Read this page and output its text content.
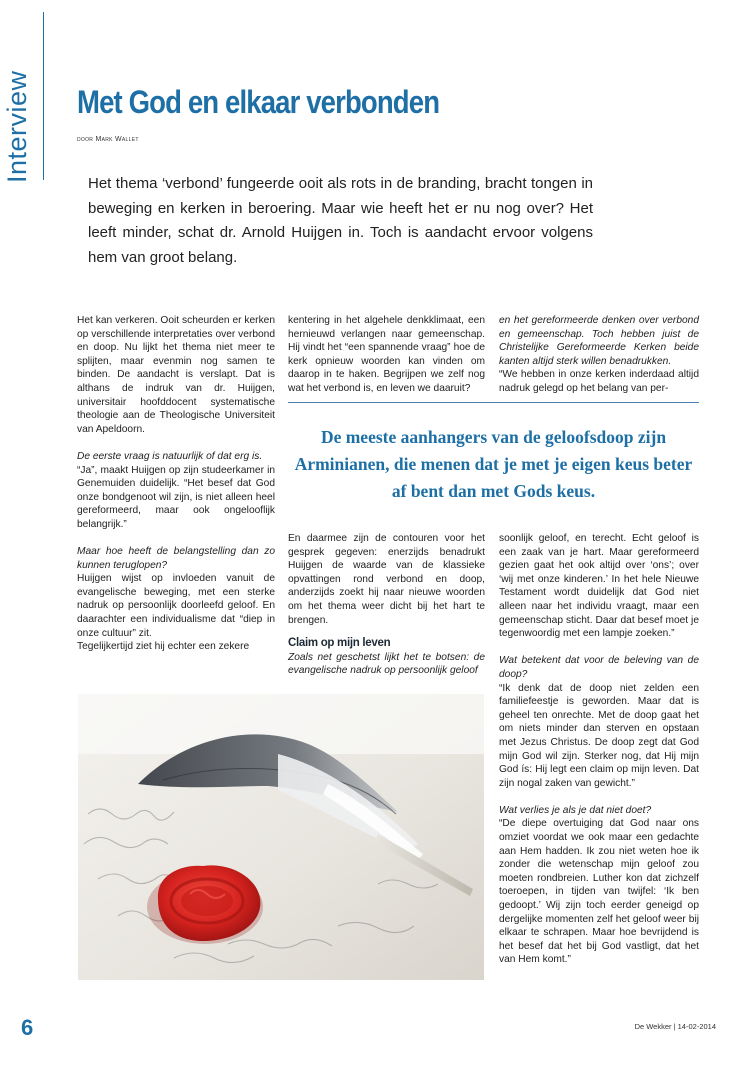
Interview Met God en elkaar verbonden
door Mark Wallet

Het thema ‘verbond’ fungeerde ooit als rots in de branding, bracht tongen in beweging en kerken in beroering. Maar wie heeft het er nu nog over? Het leeft minder, schat dr. Arnold Huijgen in. Toch is aandacht ervoor volgens hem van groot belang.

Het kan verkeren. Ooit scheurden er kerken op verschillende interpretaties over verbond en doop. Nu lijkt het thema niet meer te splijten, maar evenmin nog samen te binden. De aandacht is verslapt. Dat is althans de indruk van dr. Huijgen, universitair hoofddocent systematische theologie aan de Theologische Universiteit van Apeldoorn.

De eerste vraag is natuurlijk of dat erg is.

“Ja”, maakt Huijgen op zijn studeerkamer in Genemuiden duidelijk. “Het besef dat God onze bondgenoot wil zijn, is niet alleen heel gereformeerd, maar ook ongelooflijk belangrijk.”

Maar hoe heeft de belangstelling dan zo kunnen teruglopen?

Huijgen wijst op invloeden vanuit de evangelische beweging, met een sterke nadruk op persoonlijk doorleefd geloof. En daarachter een individualisme dat “diep in onze cultuur” zit.

Tegelijkertijd ziet hij echter een zekere

kentering in het algehele denkklimaat, een hernieuwd verlangen naar gemeenschap. Hij vindt het “een spannende vraag” hoe de kerk opnieuw woorden kan vinden om daarop in te haken. Begrijpen we zelf nog wat het verbond is, en leven we daaruit?

en het gereformeerde denken over verbond en gemeenschap. Toch hebben juist de Christelijke Gereformeerde Kerken beide kanten altijd sterk willen benadrukken.

“We hebben in onze kerken inderdaad altijd nadruk gelegd op het belang van per-

De meeste aanhangers van de geloofsdoop zijn Arminianen, die menen dat je met je eigen keus beter af bent dan met Gods keus.

En daarmee zijn de contouren voor het gesprek gegeven: enerzijds benadrukt Huijgen de waarde van de klassieke opvattingen rond verbond en doop, anderzijds zoekt hij naar nieuwe woorden om het thema weer dicht bij het hart te brengen.

Claim op mijn leven

Zoals net geschetst lijkt het te botsen: de evangelische nadruk op persoonlijk geloof

soonlijk geloof, en terecht. Echt geloof is een zaak van je hart. Maar gereformeerd gezien gaat het ook altijd over ‘ons’; over ‘wij met onze kinderen.’ In het hele Nieuwe Testament wordt duidelijk dat God niet alleen naar het individu vraagt, maar een gemeenschap sticht. Daar dat besef moet je tegenwoordig met een lampje zoeken.”

Wat betekent dat voor de beleving van de doop?

“Ik denk dat de doop niet zelden een familiefeestje is geworden. Maar dat is geheel ten onrechte. Met de doop gaat het om niets minder dan sterven en opstaan met Jezus Christus. De doop zegt dat God mijn God wil zijn. Sterker nog, dat Hij mijn God ís: Hij legt een claim op mijn leven. Dat zijn nogal zaken van gewicht.”

Wat verlies je als je dat niet doet?

“De diepe overtuiging dat God naar ons omziet voordat we ook maar een gedachte aan Hem hadden. Ik zou niet weten hoe ik zonder die wetenschap mijn geloof zou moeten rondbreien. Luther kon dat zichzelf toeroepen, in tijden van twijfel: ‘Ik ben gedoopt.’ Wij zijn toch eerder geneigd op dergelijke momenten zelf het geloof weer bij elkaar te schrapen. Maar hoe bevrijdend is het besef dat het bij God vastligt, dat het van Hem komt.”

6	De Wekker | 14-02-2014
